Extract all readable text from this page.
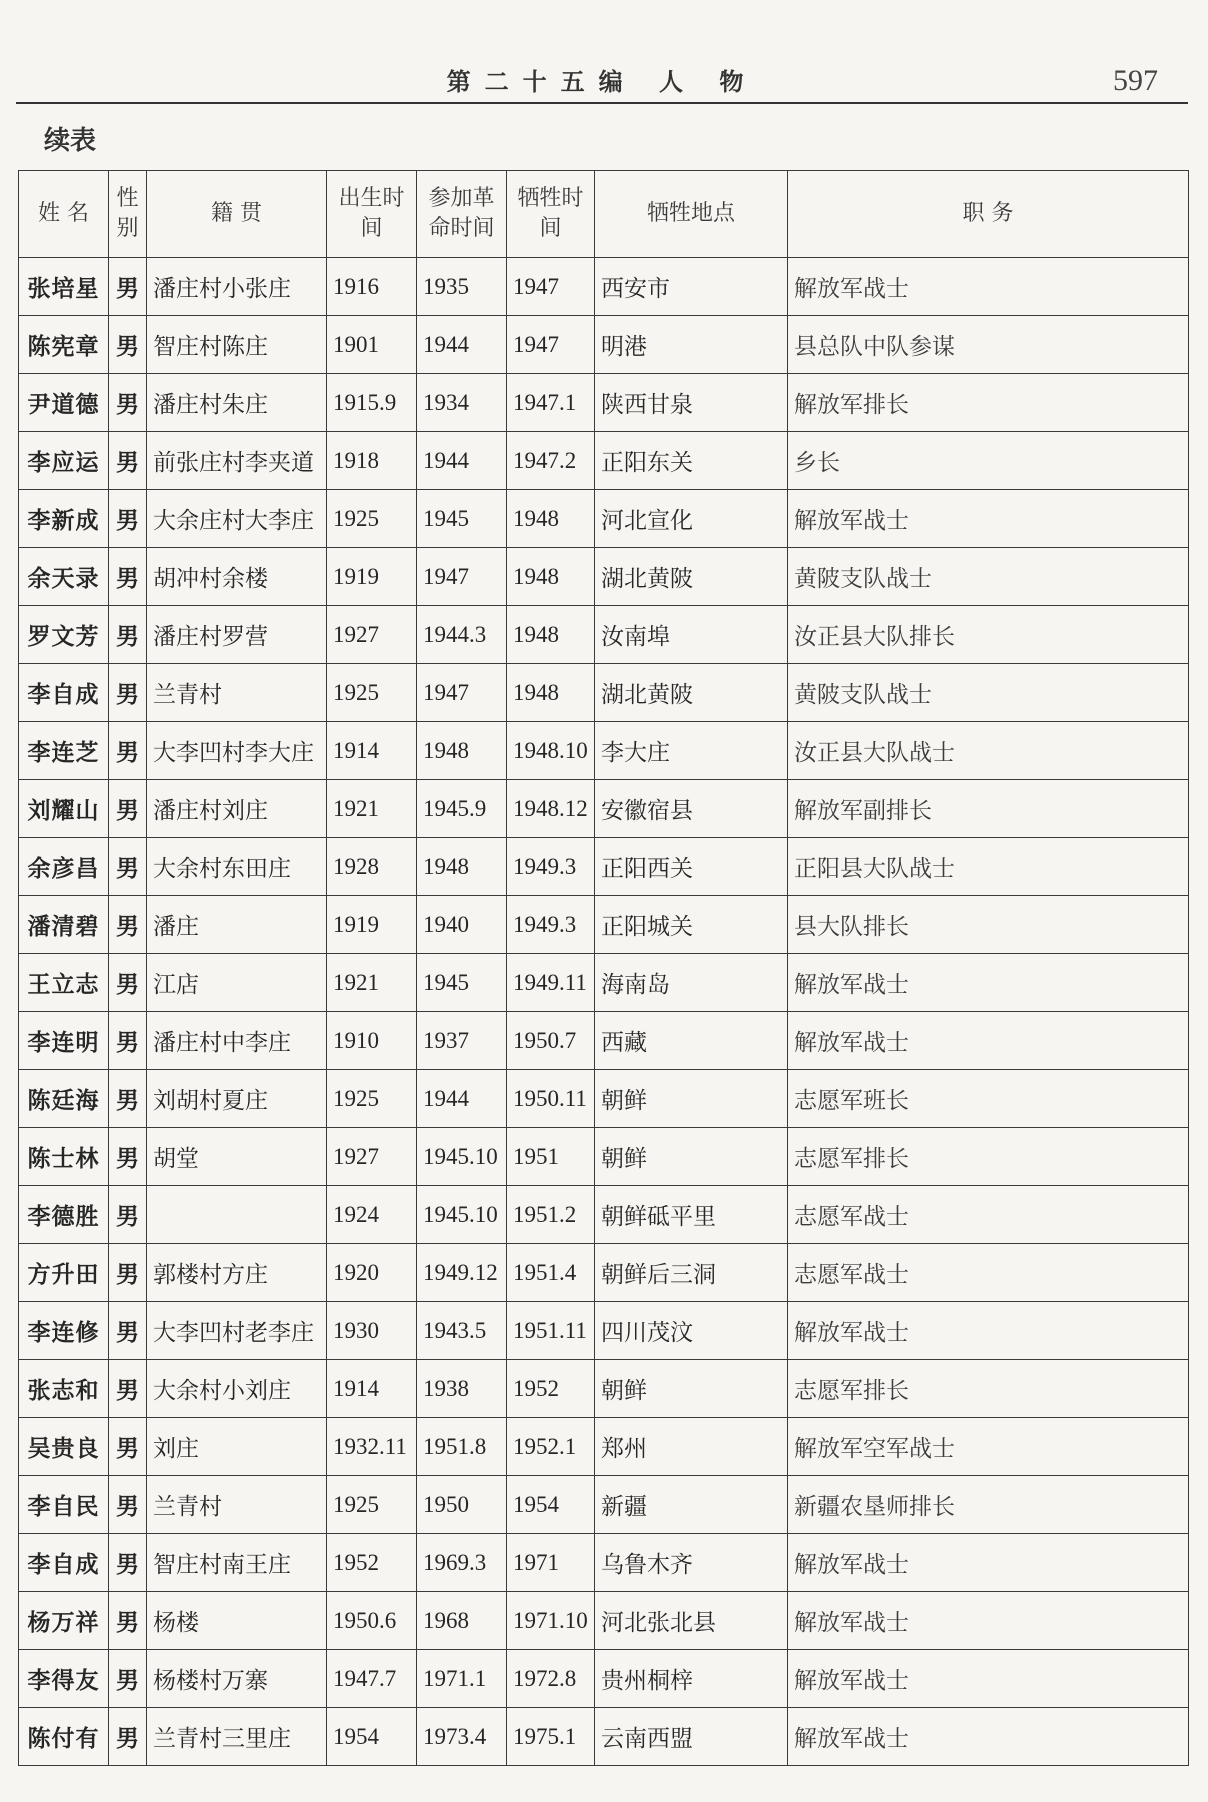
第二十五编 人 物	597
续表
姓 名	性别	籍 贯	出生时间	参加革命时间	牺牲时间	牺牲地点	职 务
张培星	男	潘庄村小张庄	1916	1935	1947	西安市	解放军战士
陈宪章	男	智庄村陈庄	1901	1944	1947	明港	县总队中队参谋
尹道德	男	潘庄村朱庄	1915.9	1934	1947.1	陕西甘泉	解放军排长
李应运	男	前张庄村李夹道	1918	1944	1947.2	正阳东关	乡长
李新成	男	大余庄村大李庄	1925	1945	1948	河北宣化	解放军战士
余天录	男	胡冲村余楼	1919	1947	1948	湖北黄陂	黄陂支队战士
罗文芳	男	潘庄村罗营	1927	1944.3	1948	汝南埠	汝正县大队排长
李自成	男	兰青村	1925	1947	1948	湖北黄陂	黄陂支队战士
李连芝	男	大李凹村李大庄	1914	1948	1948.10	李大庄	汝正县大队战士
刘耀山	男	潘庄村刘庄	1921	1945.9	1948.12	安徽宿县	解放军副排长
余彦昌	男	大余村东田庄	1928	1948	1949.3	正阳西关	正阳县大队战士
潘清碧	男	潘庄	1919	1940	1949.3	正阳城关	县大队排长
王立志	男	江店	1921	1945	1949.11	海南岛	解放军战士
李连明	男	潘庄村中李庄	1910	1937	1950.7	西藏	解放军战士
陈廷海	男	刘胡村夏庄	1925	1944	1950.11	朝鲜	志愿军班长
陈士林	男	胡堂	1927	1945.10	1951	朝鲜	志愿军排长
李德胜	男		1924	1945.10	1951.2	朝鲜砥平里	志愿军战士
方升田	男	郭楼村方庄	1920	1949.12	1951.4	朝鲜后三洞	志愿军战士
李连修	男	大李凹村老李庄	1930	1943.5	1951.11	四川茂汶	解放军战士
张志和	男	大余村小刘庄	1914	1938	1952	朝鲜	志愿军排长
吴贵良	男	刘庄	1932.11	1951.8	1952.1	郑州	解放军空军战士
李自民	男	兰青村	1925	1950	1954	新疆	新疆农垦师排长
李自成	男	智庄村南王庄	1952	1969.3	1971	乌鲁木齐	解放军战士
杨万祥	男	杨楼	1950.6	1968	1971.10	河北张北县	解放军战士
李得友	男	杨楼村万寨	1947.7	1971.1	1972.8	贵州桐梓	解放军战士
陈付有	男	兰青村三里庄	1954	1973.4	1975.1	云南西盟	解放军战士
